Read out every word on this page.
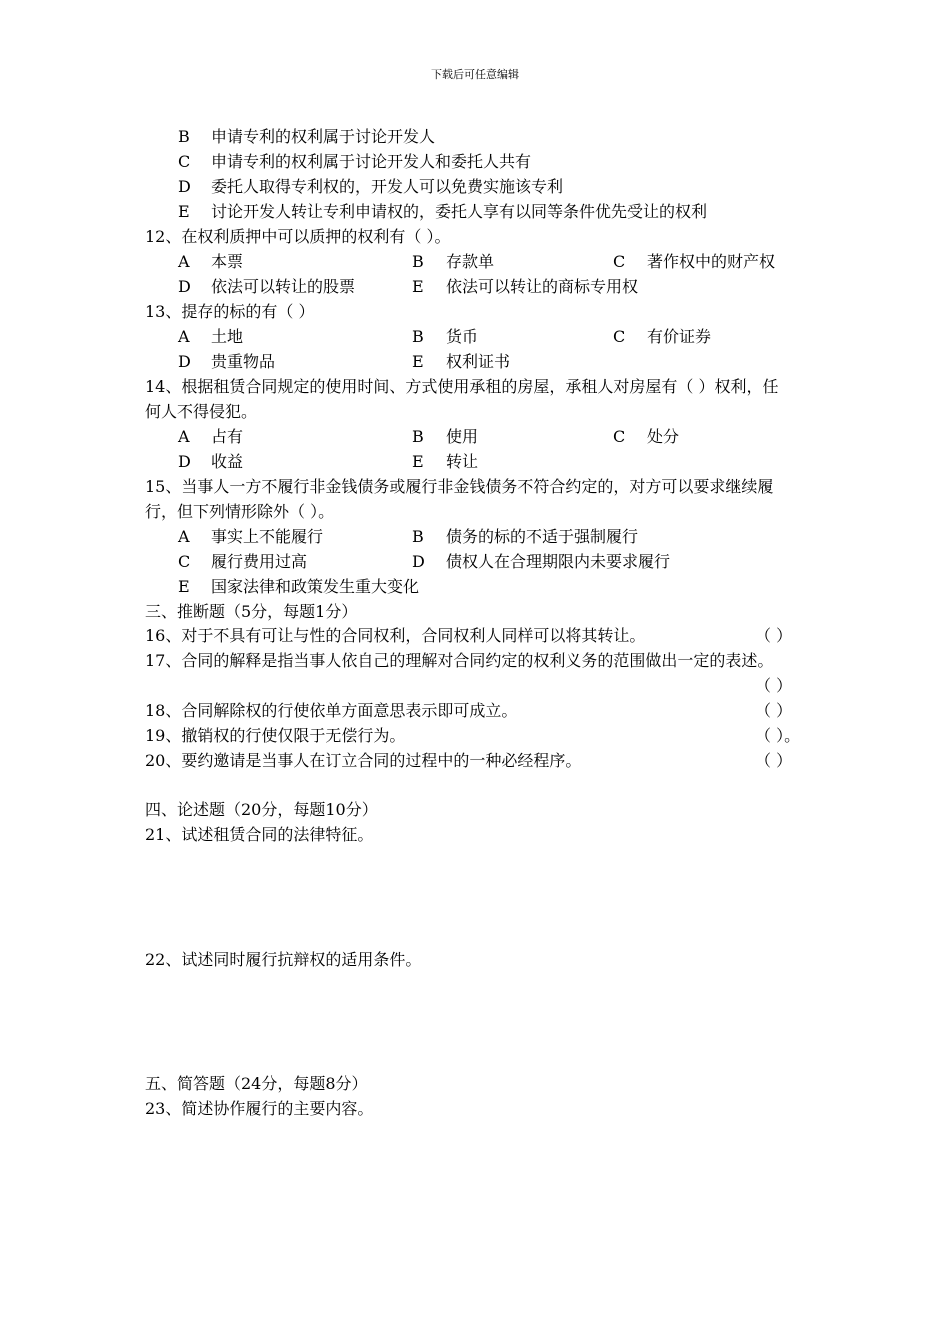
下载后可任意编辑
B 申请专利的权利属于讨论开发人
C 申请专利的权利属于讨论开发人和委托人共有
D 委托人取得专利权的，开发人可以免费实施该专利
E 讨论开发人转让专利申请权的，委托人享有以同等条件优先受让的权利
12、在权利质押中可以质押的权利有（ ）。
A 本票	B 存款单	C 著作权中的财产权
D 依法可以转让的股票	E 依法可以转让的商标专用权
13、提存的标的有（ ）
A 土地	B 货币	C 有价证券
D 贵重物品	E 权利证书
14、根据租赁合同规定的使用时间、方式使用承租的房屋，承租人对房屋有（ ）权利，任
何人不得侵犯。
A 占有	B 使用	C 处分
D 收益	E 转让
15、当事人一方不履行非金钱债务或履行非金钱债务不符合约定的，对方可以要求继续履
行，但下列情形除外（ ）。
A 事实上不能履行	B 债务的标的不适于强制履行
C 履行费用过高	D 债权人在合理期限内未要求履行
E 国家法律和政策发生重大变化
三、推断题（5分，每题1分）
16、对于不具有可让与性的合同权利，合同权利人同样可以将其转让。	（ ）
17、合同的解释是指当事人依自己的理解对合同约定的权利义务的范围做出一定的表述。
（ ）
18、合同解除权的行使依单方面意思表示即可成立。	（ ）
19、撤销权的行使仅限于无偿行为。	（ ）。
20、要约邀请是当事人在订立合同的过程中的一种必经程序。	（ ）
四、论述题（20分，每题10分）
21、试述租赁合同的法律特征。
22、试述同时履行抗辩权的适用条件。
五、简答题（24分，每题8分）
23、简述协作履行的主要内容。
